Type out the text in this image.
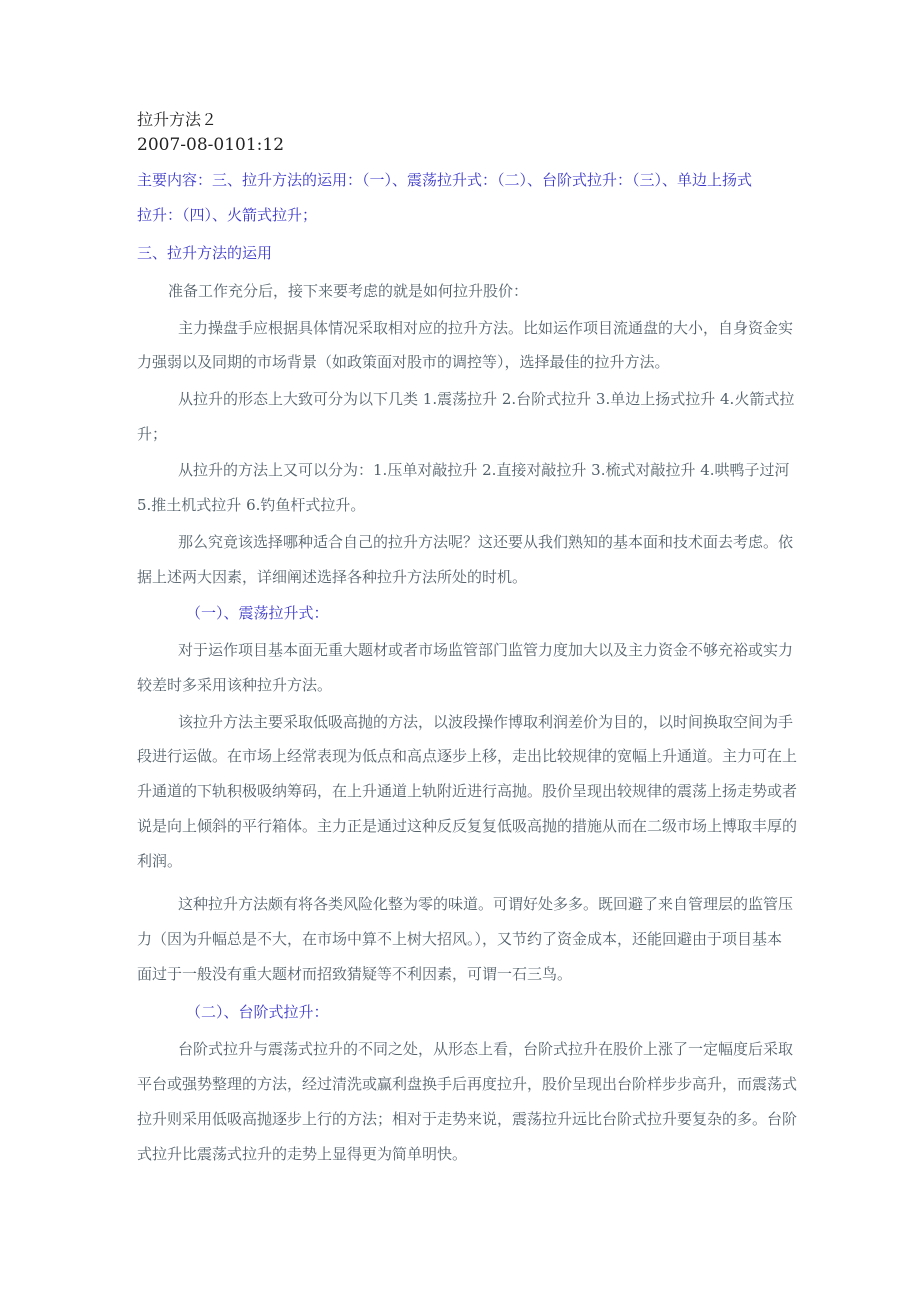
拉升方法２
2007-08-0101:12
主要内容：三、拉升方法的运用：（一）、震荡拉升式：（二）、台阶式拉升：（三）、单边上扬式
拉升：（四）、火箭式拉升；
三、拉升方法的运用
准备工作充分后，接下来要考虑的就是如何拉升股价：
主力操盘手应根据具体情况采取相对应的拉升方法。比如运作项目流通盘的大小，自身资金实
力强弱以及同期的市场背景（如政策面对股市的调控等），选择最佳的拉升方法。
从拉升的形态上大致可分为以下几类 1.震荡拉升 2.台阶式拉升 3.单边上扬式拉升 4.火箭式拉
升；
从拉升的方法上又可以分为：1.压单对敲拉升 2.直接对敲拉升 3.梳式对敲拉升 4.哄鸭子过河
5.推土机式拉升 6.钓鱼杆式拉升。
那么究竟该选择哪种适合自己的拉升方法呢？这还要从我们熟知的基本面和技术面去考虑。依
据上述两大因素，详细阐述选择各种拉升方法所处的时机。
（一）、震荡拉升式：
对于运作项目基本面无重大题材或者市场监管部门监管力度加大以及主力资金不够充裕或实力
较差时多采用该种拉升方法。
该拉升方法主要采取低吸高抛的方法，以波段操作博取利润差价为目的，以时间换取空间为手
段进行运做。在市场上经常表现为低点和高点逐步上移，走出比较规律的宽幅上升通道。主力可在上
升通道的下轨积极吸纳筹码，在上升通道上轨附近进行高抛。股价呈现出较规律的震荡上扬走势或者
说是向上倾斜的平行箱体。主力正是通过这种反反复复低吸高抛的措施从而在二级市场上博取丰厚的
利润。
这种拉升方法颇有将各类风险化整为零的味道。可谓好处多多。既回避了来自管理层的监管压
力（因为升幅总是不大，在市场中算不上树大招风。），又节约了资金成本，还能回避由于项目基本
面过于一般没有重大题材而招致猜疑等不利因素，可谓一石三鸟。
（二）、台阶式拉升：
台阶式拉升与震荡式拉升的不同之处，从形态上看，台阶式拉升在股价上涨了一定幅度后采取
平台或强势整理的方法，经过清洗或赢利盘换手后再度拉升，股价呈现出台阶样步步高升，而震荡式
拉升则采用低吸高抛逐步上行的方法；相对于走势来说，震荡拉升远比台阶式拉升要复杂的多。台阶
式拉升比震荡式拉升的走势上显得更为简单明快。
